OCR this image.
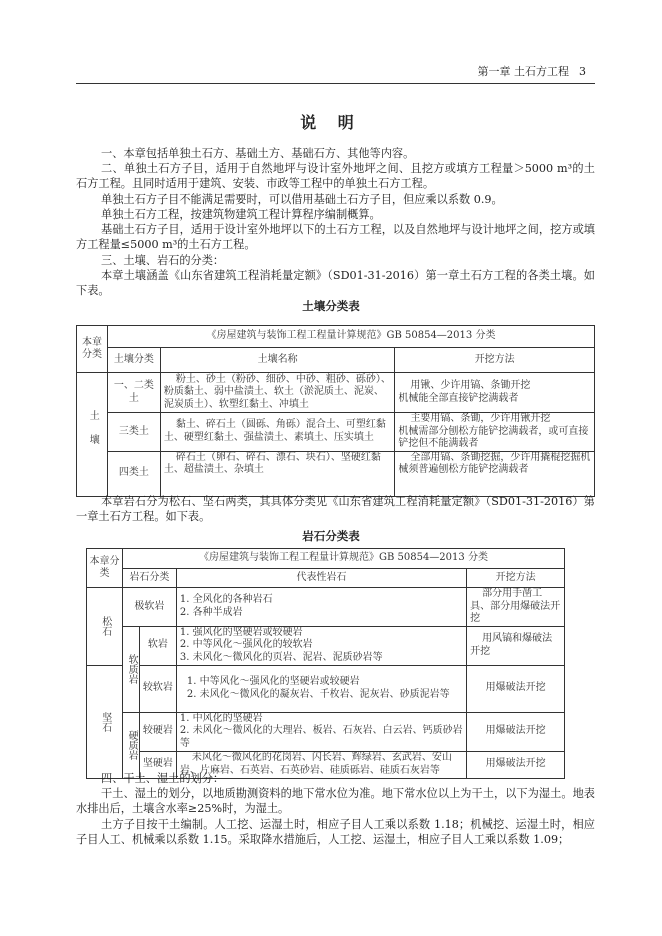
第一章 土石方工程 3
说 明
一、本章包括单独土石方、基础土方、基础石方、其他等内容。
二、单独土石方子目，适用于自然地坪与设计室外地坪之间、且挖方或填方工程量＞5000 m³的土石方工程。且同时适用于建筑、安装、市政等工程中的单独土石方工程。
单独土石方子目不能满足需要时，可以借用基础土石方子目，但应乘以系数 0.9。
单独土石方工程，按建筑物建筑工程计算程序编制概算。
基础土石方子目，适用于设计室外地坪以下的土石方工程，以及自然地坪与设计地坪之间，挖方或填方工程量≤5000 m³的土石方工程。
三、土壤、岩石的分类：
本章土壤涵盖《山东省建筑工程消耗量定额》（SD01-31-2016）第一章土石方工程的各类土壤。如下表。
土壤分类表
本章分类	《房屋建筑与装饰工程工程量计算规范》GB 50854—2013 分类		
	土壤分类	土壤名称	开挖方法
土壤	一、二类土	粉土、砂土（粉砂、细砂、中砂、粗砂、砾砂）、粉质黏土、弱中盐渍土、软土（淤泥质土、泥炭、泥炭质土）、软塑红黏土、冲填土	用锹、少许用镐、条锄开挖
机械能全部直接铲挖满载者
	三类土	黏土、碎石土（圆砾、角砾）混合土、可塑红黏土、硬塑红黏土、强盐渍土、素填土、压实填土	主要用镐、条锄，少许用锹开挖
机械需部分刨松方能铲挖满载者，或可直接铲挖但不能满载者
	四类土	碎石土（卵石、碎石、漂石、块石）、坚硬红黏土、超盐渍土、杂填土	全部用镐、条锄挖掘，少许用撬棍挖掘机械须普遍刨松方能铲挖满载者
本章岩石分为松石、坚石两类，其具体分类见《山东省建筑工程消耗量定额》（SD01-31-2016）第一章土石方工程。如下表。
岩石分类表
本章分类	《房屋建筑与装饰工程工程量计算规范》GB 50854—2013 分类			
	岩石分类		代表性岩石	开挖方法
松石	极软岩		1. 全风化的各种岩石
2. 各种半成岩	部分用手凿工具、部分用爆破法开挖
	软质岩	软岩	1. 强风化的坚硬岩或较硬岩
2. 中等风化～强风化的较软岩
3. 未风化～微风化的页岩、泥岩、泥质砂岩等	用风镐和爆破法开挖
坚石		较软岩	1. 中等风化～强风化的坚硬岩或较硬岩
2. 未风化～微风化的凝灰岩、千枚岩、泥灰岩、砂质泥岩等	用爆破法开挖
	硬质岩	较硬岩	1. 中风化的坚硬岩
2. 未风化～微风化的大理岩、板岩、石灰岩、白云岩、钙质砂岩等	用爆破法开挖
		坚硬岩	未风化～微风化的花岗岩、闪长岩、辉绿岩、玄武岩、安山岩、片麻岩、石英岩、石英砂岩、硅质砾岩、硅质石灰岩等	用爆破法开挖
四、干土、湿土的划分：
干土、湿土的划分，以地质勘测资料的地下常水位为准。地下常水位以上为干土，以下为湿土。地表水排出后，土壤含水率≥25%时，为湿土。
土方子目按干土编制。人工挖、运湿土时，相应子目人工乘以系数 1.18；机械挖、运湿土时，相应子目人工、机械乘以系数 1.15。采取降水措施后，人工挖、运湿土，相应子目人工乘以系数 1.09；
